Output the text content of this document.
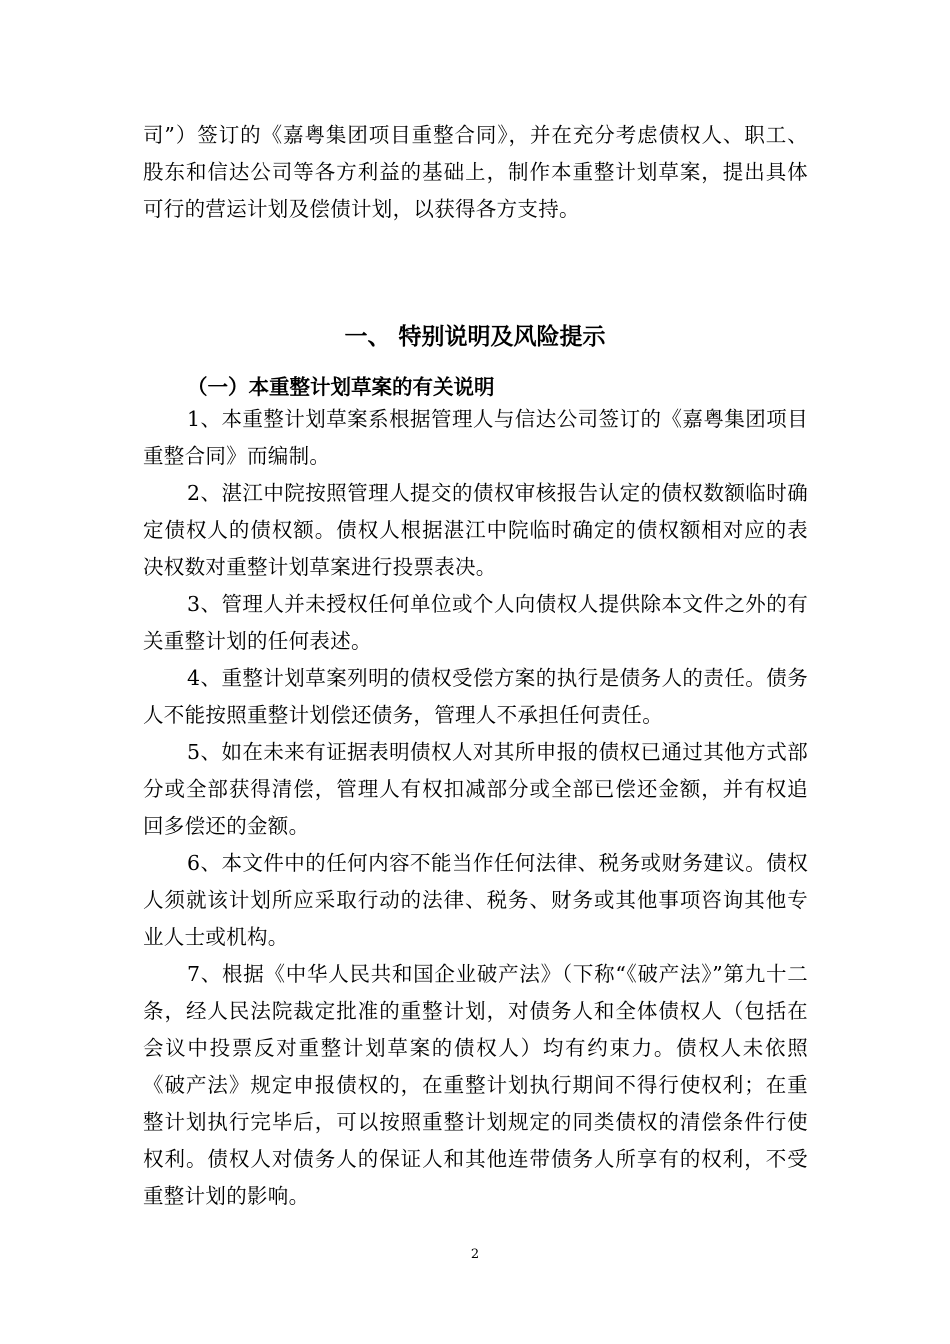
司”）签订的《嘉粤集团项目重整合同》，并在充分考虑债权人、职工、股东和信达公司等各方利益的基础上，制作本重整计划草案，提出具体可行的营运计划及偿债计划，以获得各方支持。

一、 特别说明及风险提示
（一）本重整计划草案的有关说明

1、本重整计划草案系根据管理人与信达公司签订的《嘉粤集团项目重整合同》而编制。

2、湛江中院按照管理人提交的债权审核报告认定的债权数额临时确定债权人的债权额。债权人根据湛江中院临时确定的债权额相对应的表决权数对重整计划草案进行投票表决。

3、管理人并未授权任何单位或个人向债权人提供除本文件之外的有关重整计划的任何表述。

4、重整计划草案列明的债权受偿方案的执行是债务人的责任。债务人不能按照重整计划偿还债务，管理人不承担任何责任。

5、如在未来有证据表明债权人对其所申报的债权已通过其他方式部分或全部获得清偿，管理人有权扣减部分或全部已偿还金额，并有权追回多偿还的金额。

6、本文件中的任何内容不能当作任何法律、税务或财务建议。债权人须就该计划所应采取行动的法律、税务、财务或其他事项咨询其他专业人士或机构。

7、根据《中华人民共和国企业破产法》（下称“《破产法》”第九十二条，经人民法院裁定批准的重整计划，对债务人和全体债权人（包括在会议中投票反对重整计划草案的债权人）均有约束力。债权人未依照《破产法》规定申报债权的，在重整计划执行期间不得行使权利；在重整计划执行完毕后，可以按照重整计划规定的同类债权的清偿条件行使权利。债权人对债务人的保证人和其他连带债务人所享有的权利，不受重整计划的影响。

2
